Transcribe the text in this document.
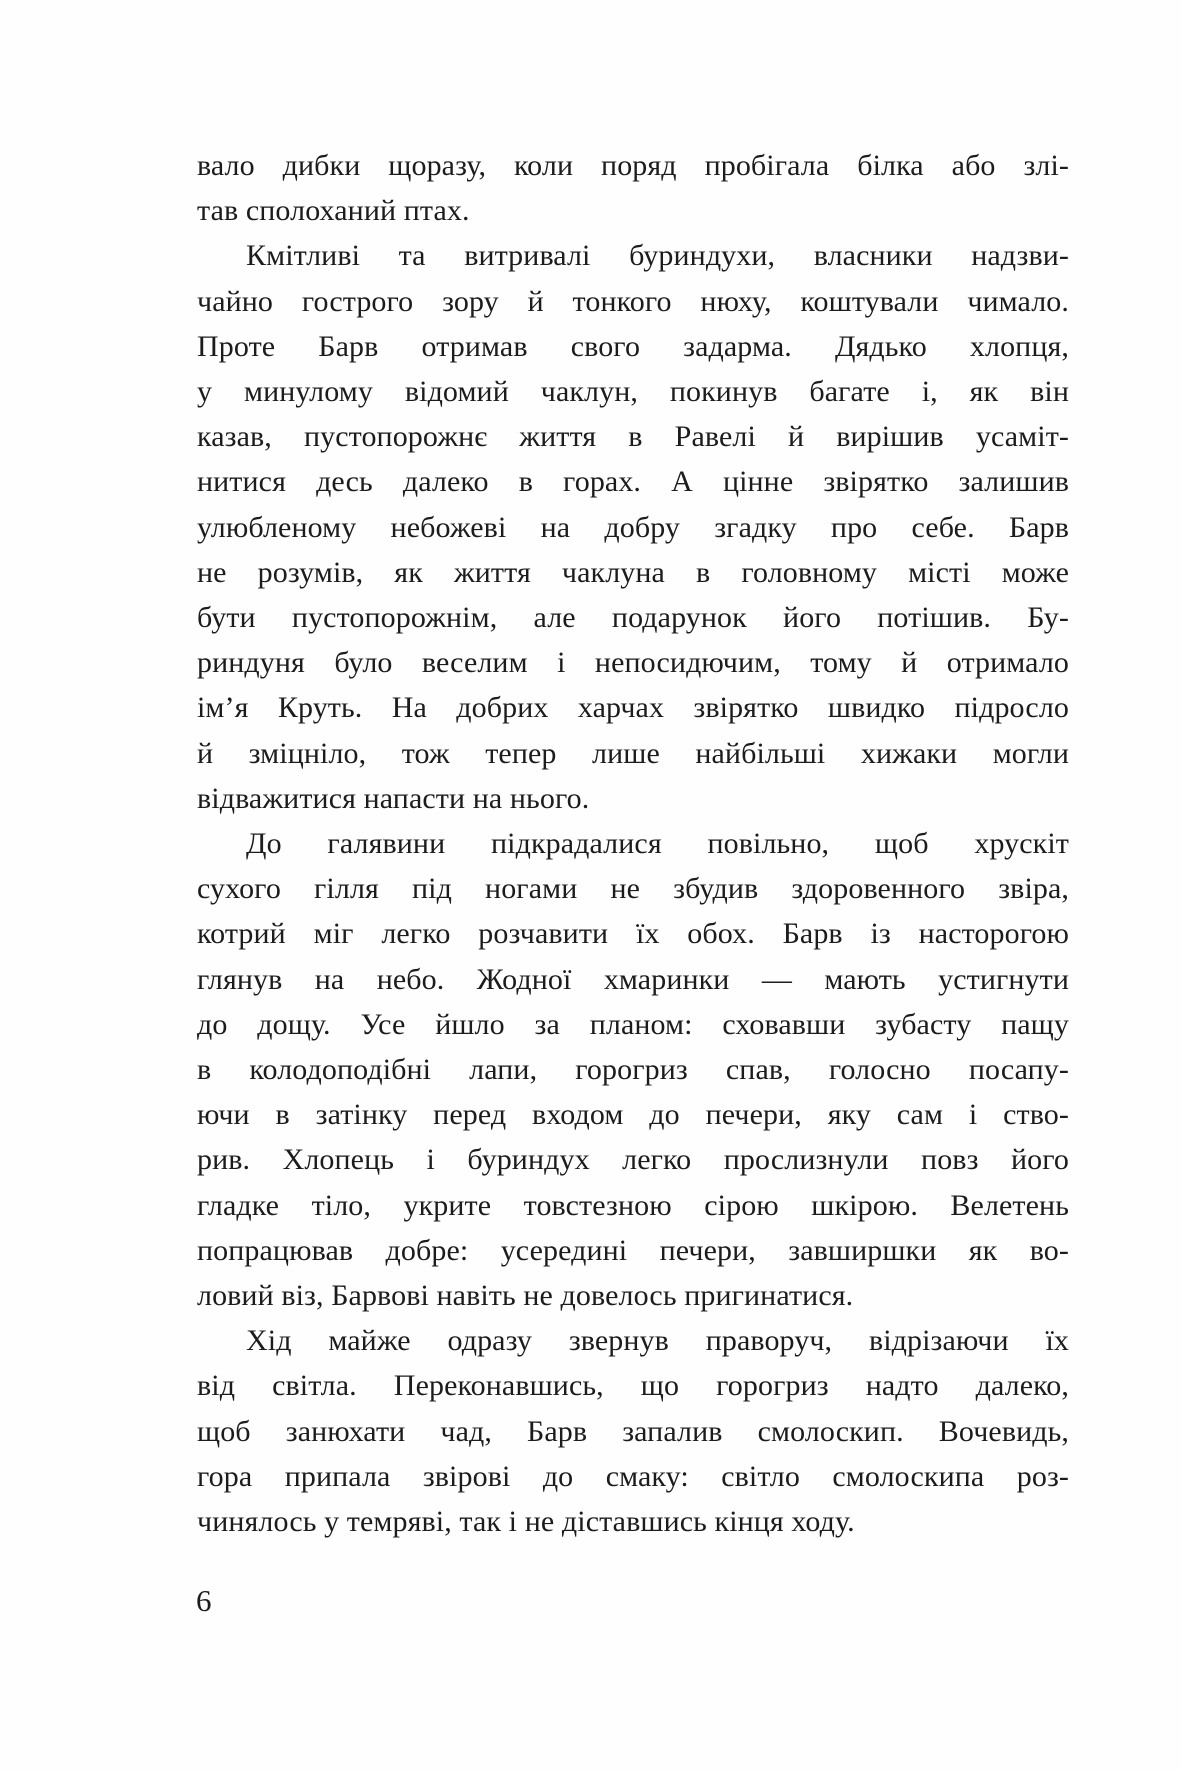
вало дибки щоразу, коли поряд пробігала білка або злі-
тав сполоханий птах.
Кмітливі та витривалі буриндухи, власники надзви-
чайно гострого зору й тонкого нюху, коштували чимало.
Проте Барв отримав свого задарма. Дядько хлопця,
у минулому відомий чаклун, покинув багате і, як він
казав, пустопорожнє життя в Равелі й вирішив усаміт-
нитися десь далеко в горах. А цінне звірятко залишив
улюбленому небожеві на добру згадку про себе. Барв
не розумів, як життя чаклуна в головному місті може
бути пустопорожнім, але подарунок його потішив. Бу-
риндуня було веселим і непосидючим, тому й отримало
ім’я Круть. На добрих харчах звірятко швидко підросло
й зміцніло, тож тепер лише найбільші хижаки могли
відважитися напасти на нього.
До галявини підкрадалися повільно, щоб хрускіт
сухого гілля під ногами не збудив здоровенного звіра,
котрий міг легко розчавити їх обох. Барв із насторогою
глянув на небо. Жодної хмаринки — мають устигнути
до дощу. Усе йшло за планом: сховавши зубасту пащу
в колодоподібні лапи, горогриз спав, голосно посапу-
ючи в затінку перед входом до печери, яку сам і ство-
рив. Хлопець і буриндух легко прослизнули повз його
гладке тіло, укрите товстезною сірою шкірою. Велетень
попрацював добре: усередині печери, завширшки як во-
ловий віз, Барвові навіть не довелось пригинатися.
Хід майже одразу звернув праворуч, відрізаючи їх
від світла. Переконавшись, що горогриз надто далеко,
щоб занюхати чад, Барв запалив смолоскип. Вочевидь,
гора припала звірові до смаку: світло смолоскипа роз-
чинялось у темряві, так і не діставшись кінця ходу.
6
